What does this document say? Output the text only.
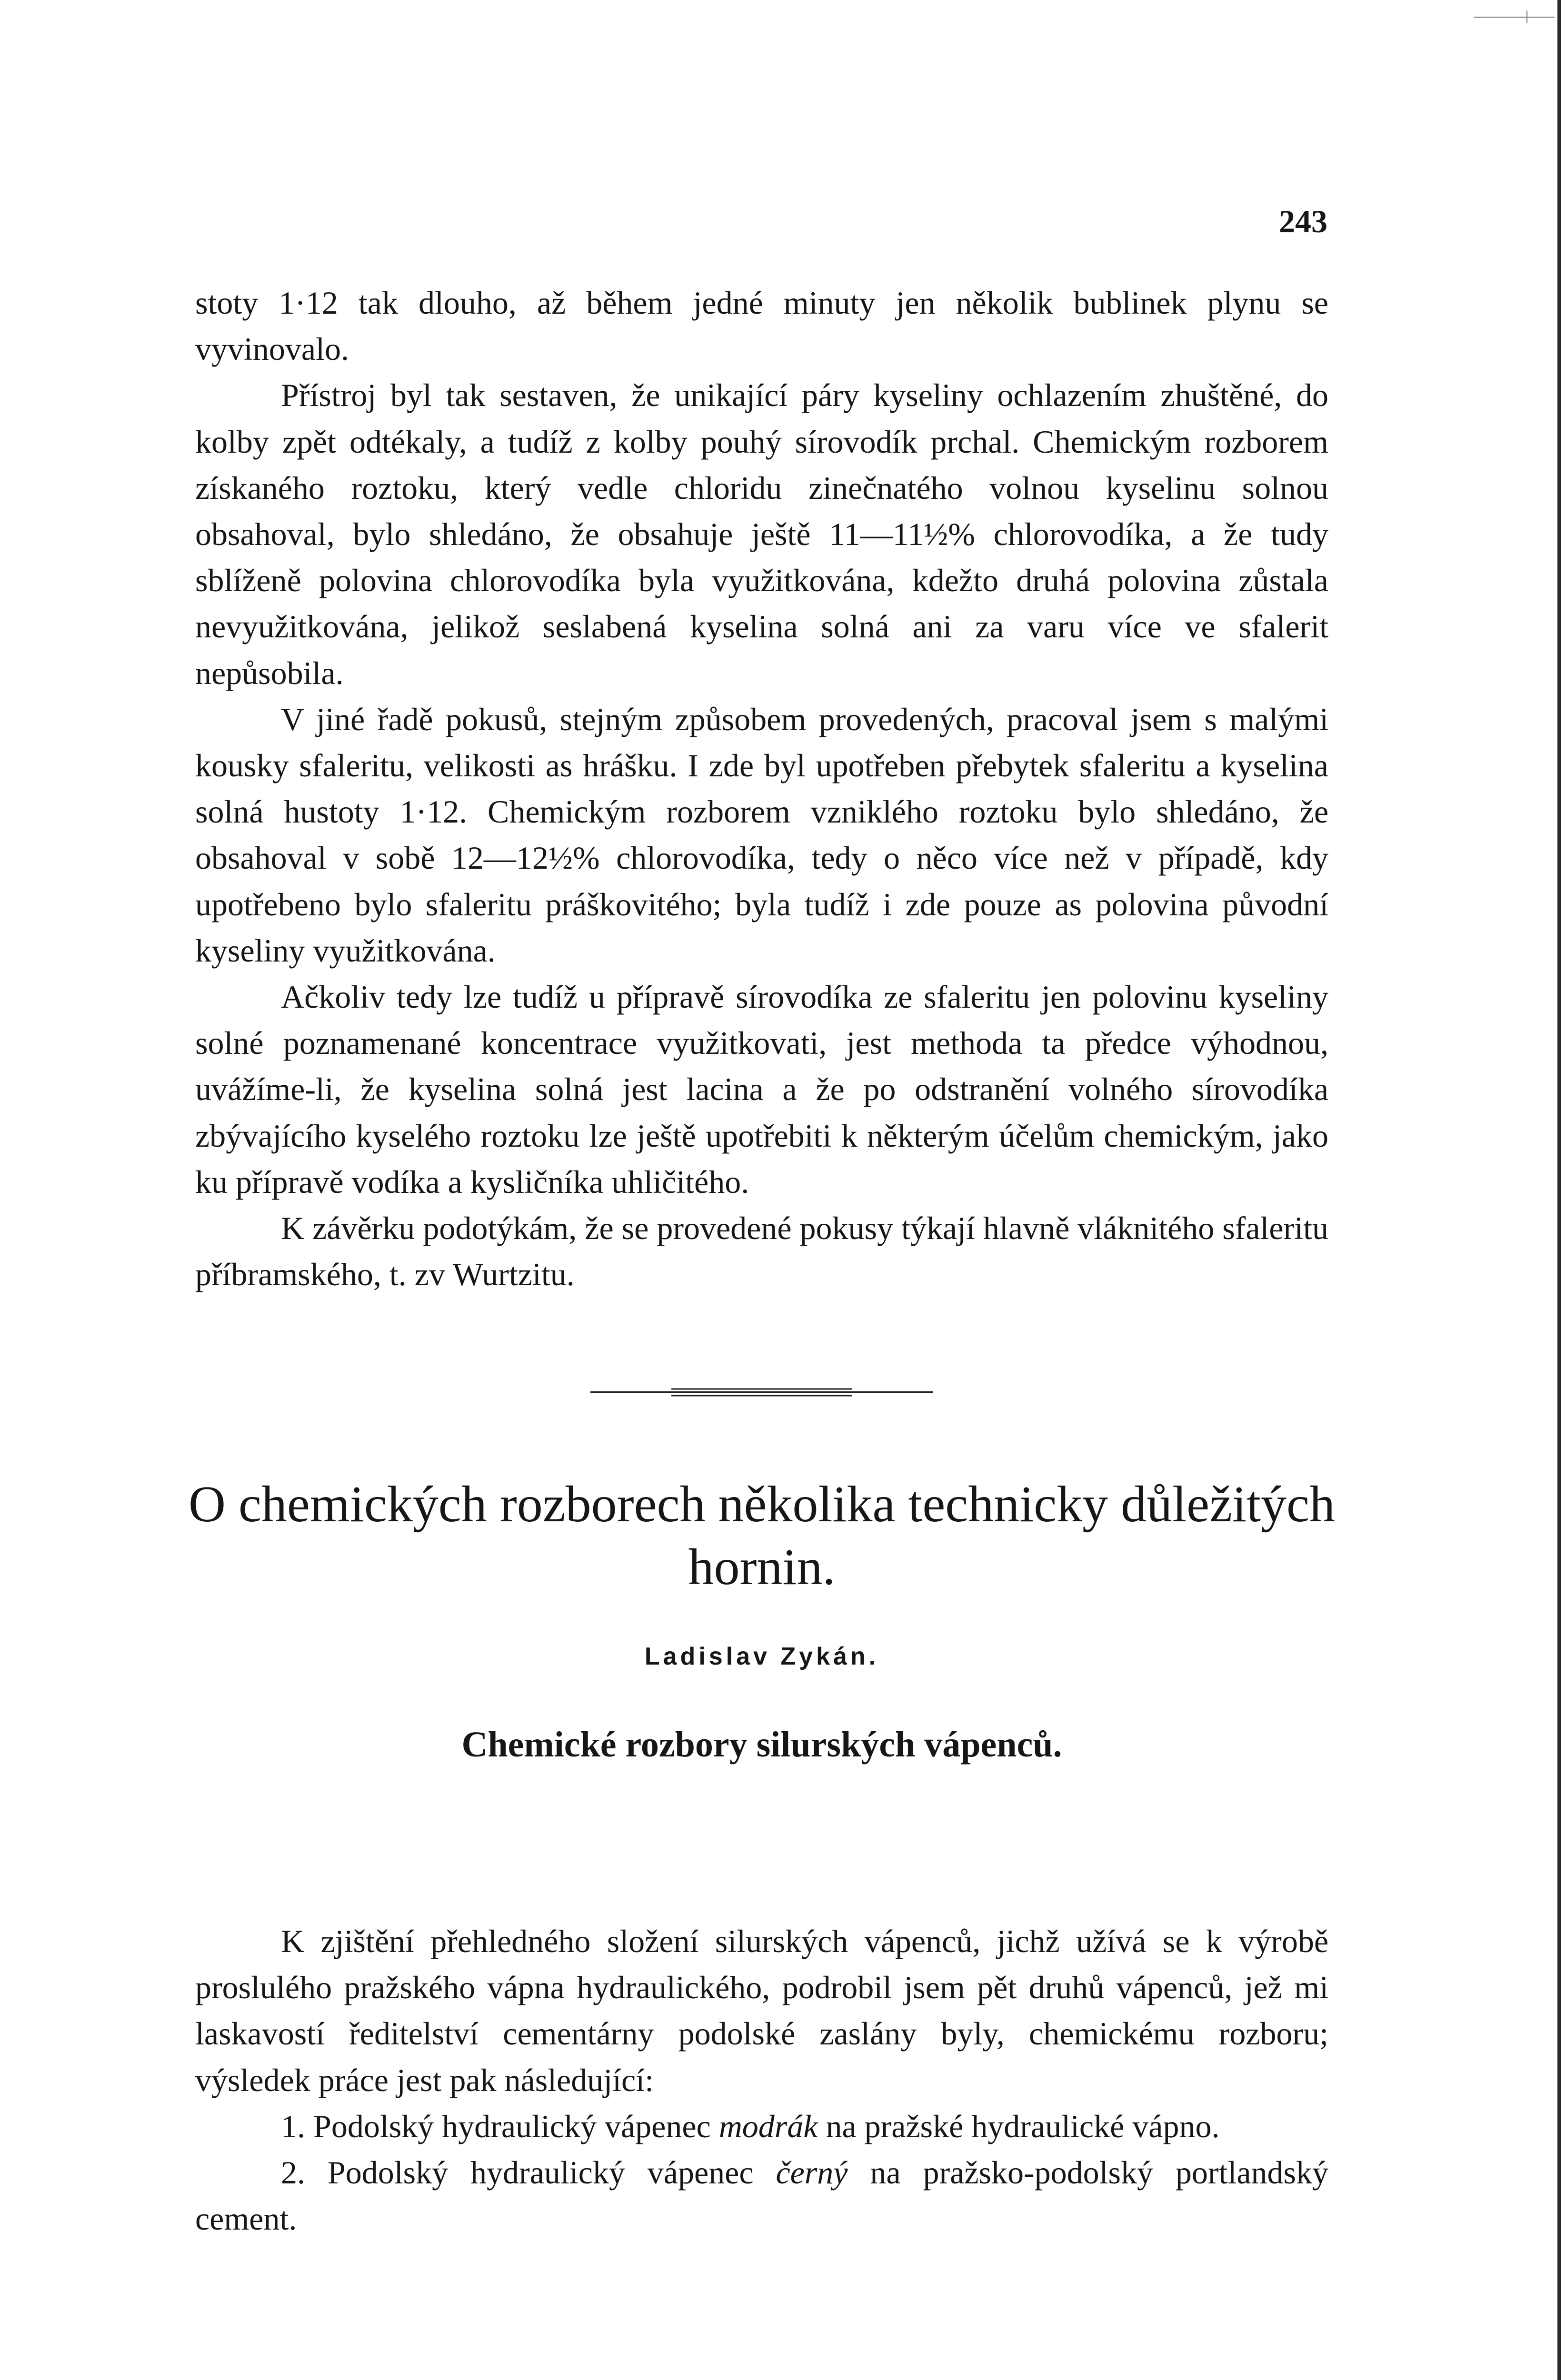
243

stoty 1·12 tak dlouho, až během jedné minuty jen několik bublinek plynu se vyvinovalo.

Přístroj byl tak sestaven, že unikající páry kyseliny ochlazením zhuštěné, do kolby zpět odtékaly, a tudíž z kolby pouhý sírovodík prchal. Chemickým rozborem získaného roztoku, který vedle chloridu zinečnatého volnou kyselinu solnou obsahoval, bylo shledáno, že obsahuje ještě 11—11½% chlorovodíka, a že tudy sblíženě polovina chlorovodíka byla využitkována, kdežto druhá polovina zůstala nevyužitkována, jelikož seslabená kyselina solná ani za varu více ve sfalerit nepůsobila.

V jiné řadě pokusů, stejným způsobem provedených, pracoval jsem s malými kousky sfaleritu, velikosti as hrášku. I zde byl upotřeben přebytek sfaleritu a kyselina solná hustoty 1·12. Chemickým rozborem vzniklého roztoku bylo shledáno, že obsahoval v sobě 12—12½% chlorovodíka, tedy o něco více než v případě, kdy upotřebeno bylo sfaleritu práškovitého; byla tudíž i zde pouze as polovina původní kyseliny využitkována.

Ačkoliv tedy lze tudíž u přípravě sírovodíka ze sfaleritu jen polovinu kyseliny solné poznamenané koncentrace využitkovati, jest methoda ta předce výhodnou, uvážíme-li, že kyselina solná jest lacina a že po odstranění volného sírovodíka zbývajícího kyselého roztoku lze ještě upotřebiti k některým účelům chemickým, jako ku přípravě vodíka a kysličníka uhličitého.

K závěrku podotýkám, že se provedené pokusy týkají hlavně vláknitého sfaleritu příbramského, t. zv Wurtzitu.

O chemických rozborech několika technicky důležitých
hornin.

Ladislav Zykán.

Chemické rozbory silurských vápenců.

K zjištění přehledného složení silurských vápenců, jichž užívá se k výrobě proslulého pražského vápna hydraulického, podrobil jsem pět druhů vápenců, jež mi laskavostí ředitelství cementárny podolské zaslány byly, chemickému rozboru; výsledek práce jest pak následující:

1. Podolský hydraulický vápenec modrák na pražské hydraulické vápno.

2. Podolský hydraulický vápenec černý na pražsko-podolský portlandský cement.
